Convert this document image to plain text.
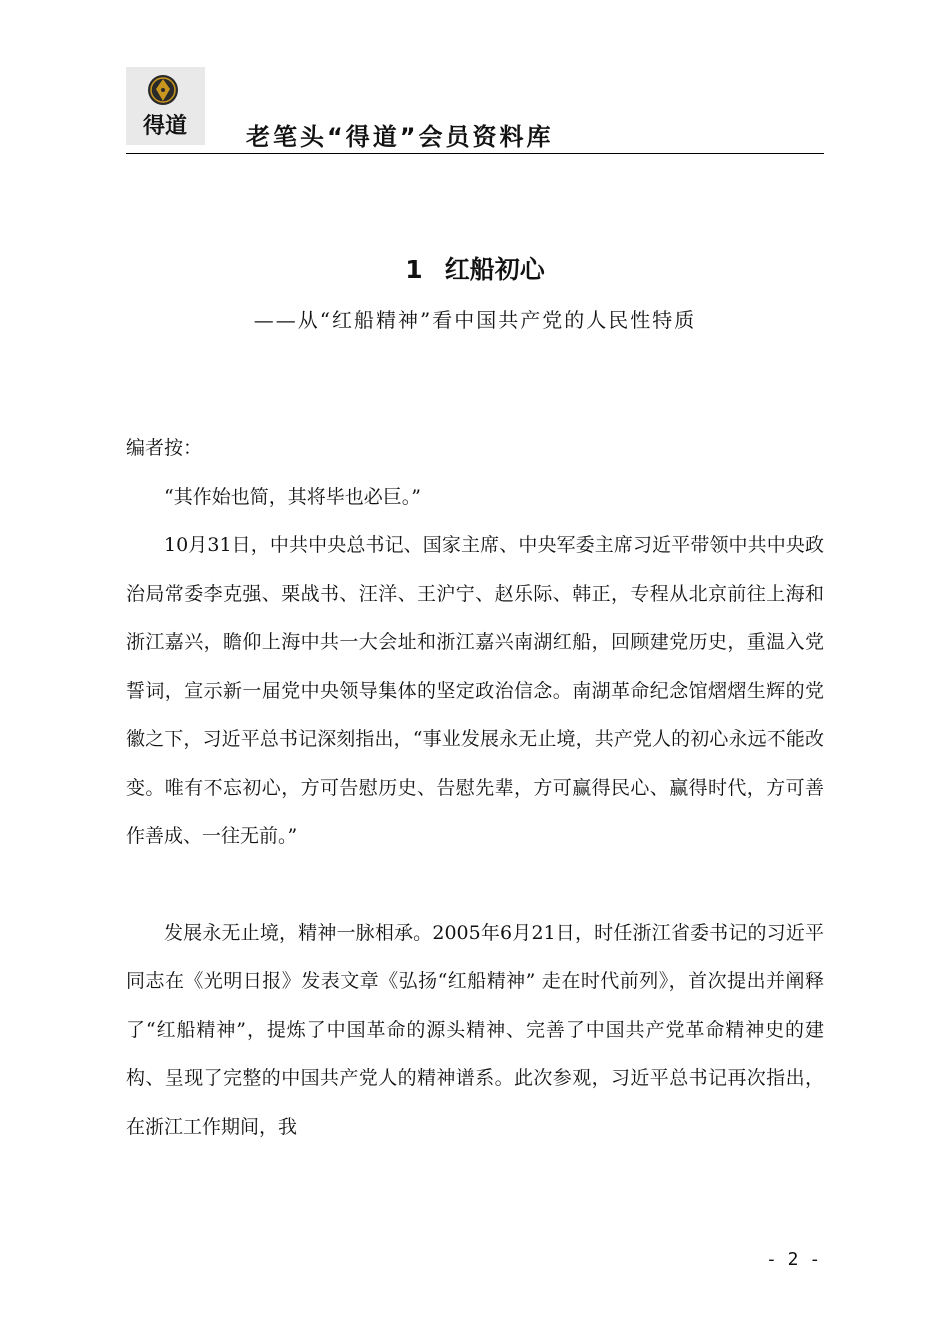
得道 老笔头“得道”会员资料库
1 红船初心
——从“红船精神”看中国共产党的人民性特质

编者按：

“其作始也简，其将毕也必巨。”

10月31日，中共中央总书记、国家主席、中央军委主席习近平带领中共中央政治局常委李克强、栗战书、汪洋、王沪宁、赵乐际、韩正，专程从北京前往上海和浙江嘉兴，瞻仰上海中共一大会址和浙江嘉兴南湖红船，回顾建党历史，重温入党誓词，宣示新一届党中央领导集体的坚定政治信念。南湖革命纪念馆熠熠生辉的党徽之下，习近平总书记深刻指出，“事业发展永无止境，共产党人的初心永远不能改变。唯有不忘初心，方可告慰历史、告慰先辈，方可赢得民心、赢得时代，方可善作善成、一往无前。”

发展永无止境，精神一脉相承。2005年6月21日，时任浙江省委书记的习近平同志在《光明日报》发表文章《弘扬“红船精神” 走在时代前列》，首次提出并阐释了“红船精神”，提炼了中国革命的源头精神、完善了中国共产党革命精神史的建构、呈现了完整的中国共产党人的精神谱系。此次参观，习近平总书记再次指出，在浙江工作期间，我

- 2 -
